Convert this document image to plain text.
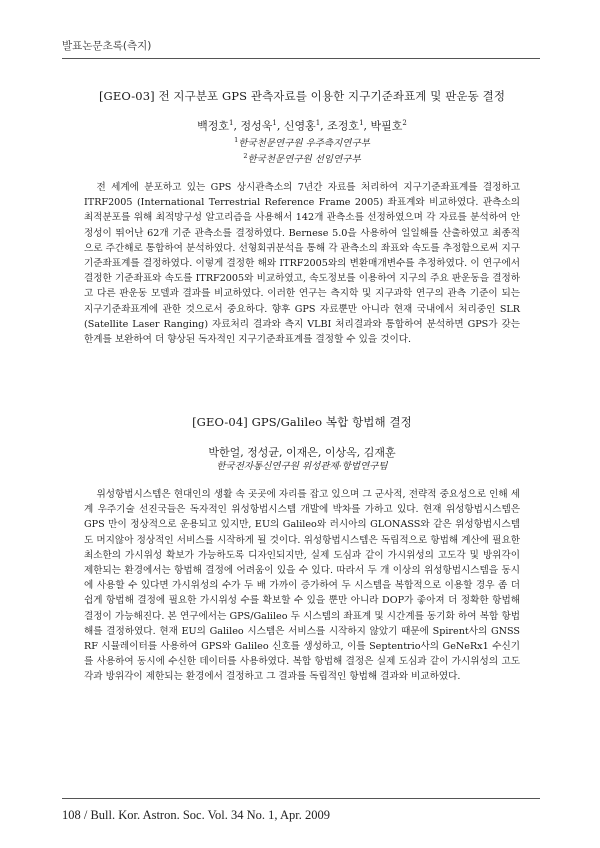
발표논문초록(측지)
[GEO-03] 전 지구분포 GPS 관측자료를 이용한 지구기준좌표계 및 판운동 결정
백정호$^1$, 정성욱$^1$, 신영홍$^1$, 조정호$^1$, 박필호$^2$
$^1$한국천문연구원 우주측지연구부
$^2$한국천문연구원 선임연구부
전 세계에 분포하고 있는 GPS 상시관측소의 7년간 자료를 처리하여 지구기준좌표계를 결정하고 ITRF2005 (International Terrestrial Reference Frame 2005) 좌표계와 비교하였다. 관측소의 최적분포를 위해 최적망구성 알고리즘을 사용해서 142개 관측소를 선정하였으며 각 자료를 분석하여 안정성이 뛰어난 62개 기준 관측소를 결정하였다. Bernese 5.0을 사용하여 일일해를 산출하였고 최종적으로 주간해로 통합하여 분석하였다. 선형회귀분석을 통해 각 관측소의 좌표와 속도를 추정함으로써 지구기준좌표계를 결정하였다. 이렇게 결정한 해와 ITRF2005와의 변환매개변수를 추정하였다. 이 연구에서 결정한 기준좌표와 속도를 ITRF2005와 비교하였고, 속도정보를 이용하여 지구의 주요 판운동을 결정하고 다른 판운동 모델과 결과를 비교하였다. 이러한 연구는 측지학 및 지구과학 연구의 관측 기준이 되는 지구기준좌표계에 관한 것으로서 중요하다. 향후 GPS 자료뿐만 아니라 현재 국내에서 처리중인 SLR (Satellite Laser Ranging) 자료처리 결과와 측지 VLBI 처리결과와 통합하여 분석하면 GPS가 갖는 한계를 보완하여 더 향상된 독자적인 지구기준좌표계를 결정할 수 있을 것이다.
[GEO-04] GPS/Galileo 복합 항법해 결정
박한얼, 정성균, 이재은, 이상옥, 김재훈
한국전자통신연구원 위성관제·항법연구팀
위성항법시스템은 현대인의 생활 속 곳곳에 자리를 잡고 있으며 그 군사적, 전략적 중요성으로 인해 세계 우주기술 선진국들은 독자적인 위성항법시스템 개발에 박차를 가하고 있다. 현재 위성항법시스템은 GPS 만이 정상적으로 운용되고 있지만, EU의 Galileo와 러시아의 GLONASS와 같은 위성항법시스템도 머지않아 정상적인 서비스를 시작하게 될 것이다. 위성항법시스템은 독립적으로 항법해 계산에 필요한 최소한의 가시위성 확보가 가능하도록 디자인되지만, 실제 도심과 같이 가시위성의 고도각 및 방위각이 제한되는 환경에서는 항법해 결정에 어려움이 있을 수 있다. 따라서 두 개 이상의 위성항법시스템을 동시에 사용할 수 있다면 가시위성의 수가 두 배 가까이 증가하여 두 시스템을 복합적으로 이용할 경우 좀 더 쉽게 항법해 결정에 필요한 가시위성 수를 확보할 수 있을 뿐만 아니라 DOP가 좋아져 더 정확한 항법해 결정이 가능해진다. 본 연구에서는 GPS/Galileo 두 시스템의 좌표계 및 시간계를 동기화 하여 복합 항법해를 결정하였다. 현재 EU의 Galileo 시스템은 서비스를 시작하지 않았기 때문에 Spirent사의 GNSS RF 시뮬레이터를 사용하여 GPS와 Galileo 신호를 생성하고, 이를 Septentrio사의 GeNeRx1 수신기를 사용하여 동시에 수신한 데이터를 사용하였다. 복합 항법해 결정은 실제 도심과 같이 가시위성의 고도각과 방위각이 제한되는 환경에서 결정하고 그 결과를 독립적인 항법해 결과와 비교하였다.
108 / Bull. Kor. Astron. Soc. Vol. 34 No. 1, Apr. 2009
